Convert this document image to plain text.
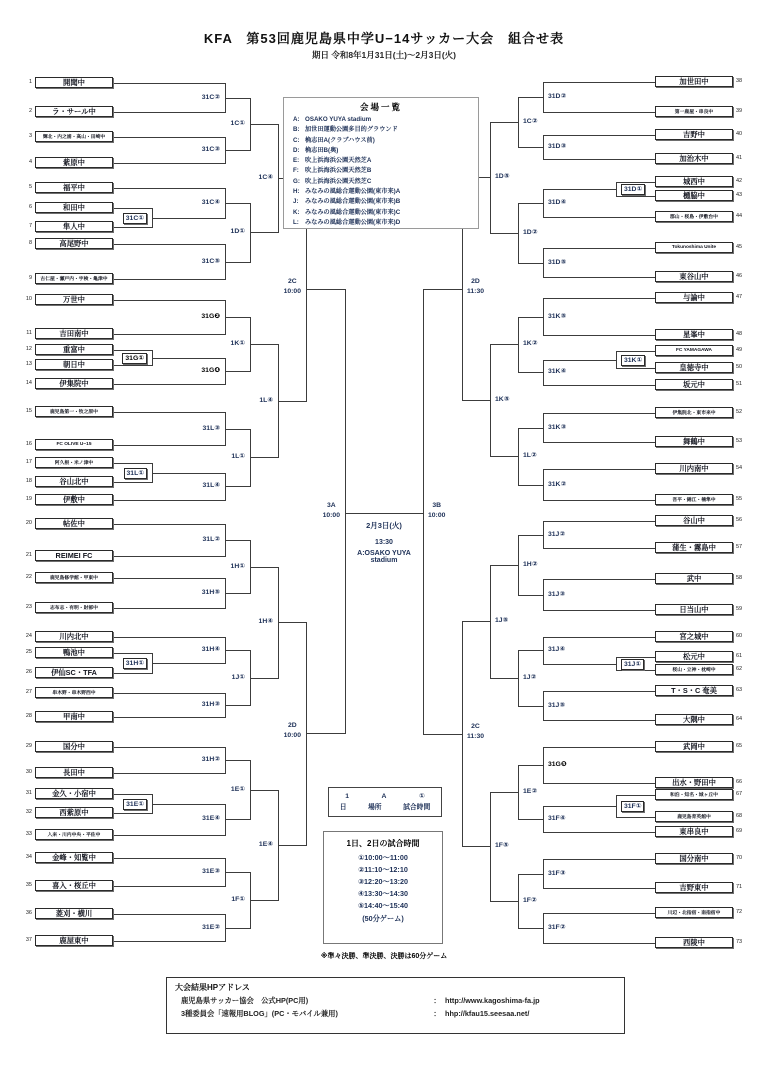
KFA　第53回鹿児島県中学U−14サッカー大会　組合せ表
期日 令和8年1月31日(土)～2月3日(火)
開聞中
1
ラ・サール中
2
輝北・内之浦・高山・田崎中
3
紫原中
4
福平中
5
和田中
6
隼人中
7
高尾野中
8
古仁屋・瀬戸内・宇検・亀津中
9
万世中
10
吉田南中
11
重富中
12
朝日中
13
伊集院中
14
鹿児島第一・牧之原中
15
FC OLIVE U−15
16
阿久根・米ノ津中
17
谷山北中
18
伊敷中
19
帖佐中
20
REIMEI FC
21
鹿児島修学館・甲東中
22
志布志・有明・財部中
23
川内北中
24
鴨池中
25
伊仙SC・TFA
26
串木野・串木野西中
27
甲南中
28
国分中
29
長田中
30
金久・小宿中
31
西紫原中
32
入来・川内中央・平佐中
33
金峰・知覧中
34
喜入・桜丘中
35
菱刈・横川
36
鹿屋東中
37
加世田中	38
第一鹿屋・串良中	39
吉野中	40
加治木中	41
城西中	42
樋脇中	43
郡山・桜島・伊敷台中	44
Tokunoshima Unite	45
東谷山中	46
与論中	47
星峯中	48
FC YAMAGAWA	49
皇徳寺中	50
坂元中	51
伊集院北・東市来中	52
舞鶴中	53
川内南中	54
吾平・錦江・楠隼中	55
谷山中	56
蒲生・霧島中	57
武中	58
日当山中	59
宮之城中	60
松元中	61
桜山・立神・枕崎中	62
T・S・C 奄美	63
大隅中	64
武岡中	65
出水・野田中	66
和泊・知名・城ヶ丘中	67
鹿児島育英館中	68
東串良中	69
国分南中	70
吉野東中	71
川辺・北指宿・南指宿中	72
西陵中	73
31C②
31C③
1C①
31C①
31C④
31C⑤
1D①
1C④
31G❷
31G①
31G❹
1K①
31L③
31L①
31L④
1L①
1L④
2C
10:00
31L②
31H⑤
1H①
31H①
31H④
31H③
1J①
1H④
31H②
31E①
31E④
1E①
31E③
31E②
1F①
1E④
2D
10:00
31D②
31D③
1C②
31D①
31D④
31D⑤
1D②
1D⑤
31K⑤
31K①
31K④
1K②
31K③
31K②
1L②
1K⑤
2D
11:30
31J②
31J③
1H②
31J①
31J④
31J⑤
1J②
1J⑤
31G❺
31F①
31F④
1E②
31F③
31F②
1F②
1F⑤
2C
11:30
3A
10:00
3B
10:00
会場一覧
A: OSAKO YUYA stadium
B: 加世田運動公園多目的グラウンド
C: 桷志田A(クラブハウス前)
D: 桷志田B(奥)
E: 吹上浜海浜公園天然芝A
F: 吹上浜海浜公園天然芝B
G: 吹上浜海浜公園天然芝C
H: みなみの風総合運動公園(東市来)A
J: みなみの風総合運動公園(東市来)B
K: みなみの風総合運動公園(東市来)C
L: みなみの風総合運動公園(東市来)D
2月3日(火)
13:30
A:OSAKO YUYA
stadium
1	A	①
日	場所	試合時間
1日、2日の試合時間
①10:00～11:00
②11:10～12:10
③12:20～13:20
④13:30～14:30
⑤14:40～15:40
(50分ゲーム)
※準々決勝、準決勝、決勝は60分ゲーム
大会結果HPアドレス
鹿児島県サッカー協会　公式HP(PC用)	： http://www.kagoshima-fa.jp
3種委員会「速報用BLOG」(PC・モバイル兼用)	： hhp://kfau15.seesaa.net/
